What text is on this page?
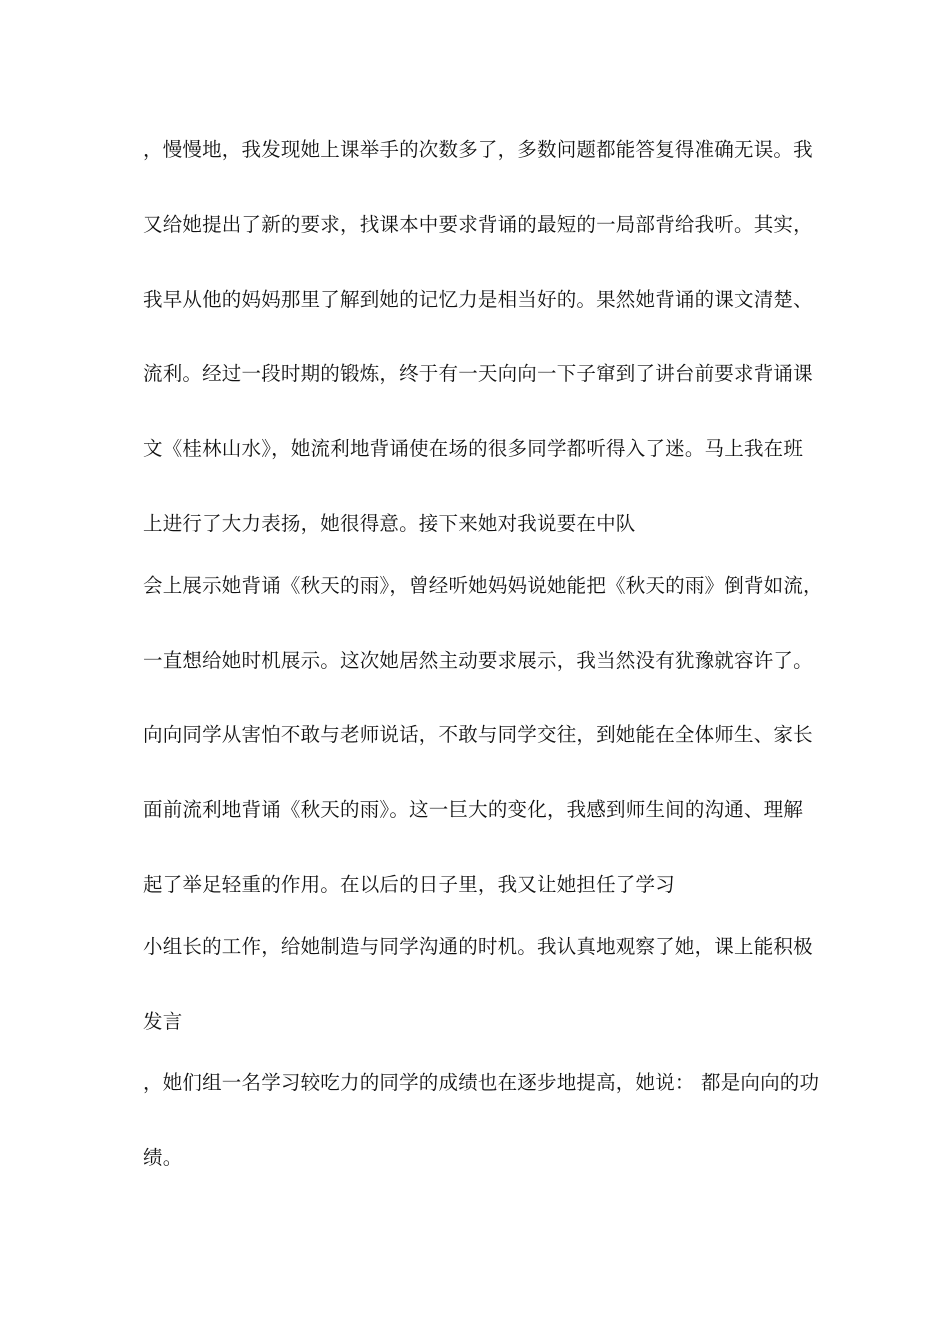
，慢慢地，我发现她上课举手的次数多了，多数问题都能答复得准确无误。我

又给她提出了新的要求，找课本中要求背诵的最短的一局部背给我听。其实，

我早从他的妈妈那里了解到她的记忆力是相当好的。果然她背诵的课文清楚、

流利。经过一段时期的锻炼，终于有一天向向一下子窜到了讲台前要求背诵课

文《桂林山水》，她流利地背诵使在场的很多同学都听得入了迷。马上我在班

上进行了大力表扬，她很得意。接下来她对我说要在中队

会上展示她背诵《秋天的雨》，曾经听她妈妈说她能把《秋天的雨》倒背如流，

一直想给她时机展示。这次她居然主动要求展示，我当然没有犹豫就容许了。

向向同学从害怕不敢与老师说话，不敢与同学交往，到她能在全体师生、家长

面前流利地背诵《秋天的雨》。这一巨大的变化，我感到师生间的沟通、理解

起了举足轻重的作用。在以后的日子里，我又让她担任了学习

小组长的工作，给她制造与同学沟通的时机。我认真地观察了她，课上能积极

发言

，她们组一名学习较吃力的同学的成绩也在逐步地提高，她说： 都是向向的功

绩。
